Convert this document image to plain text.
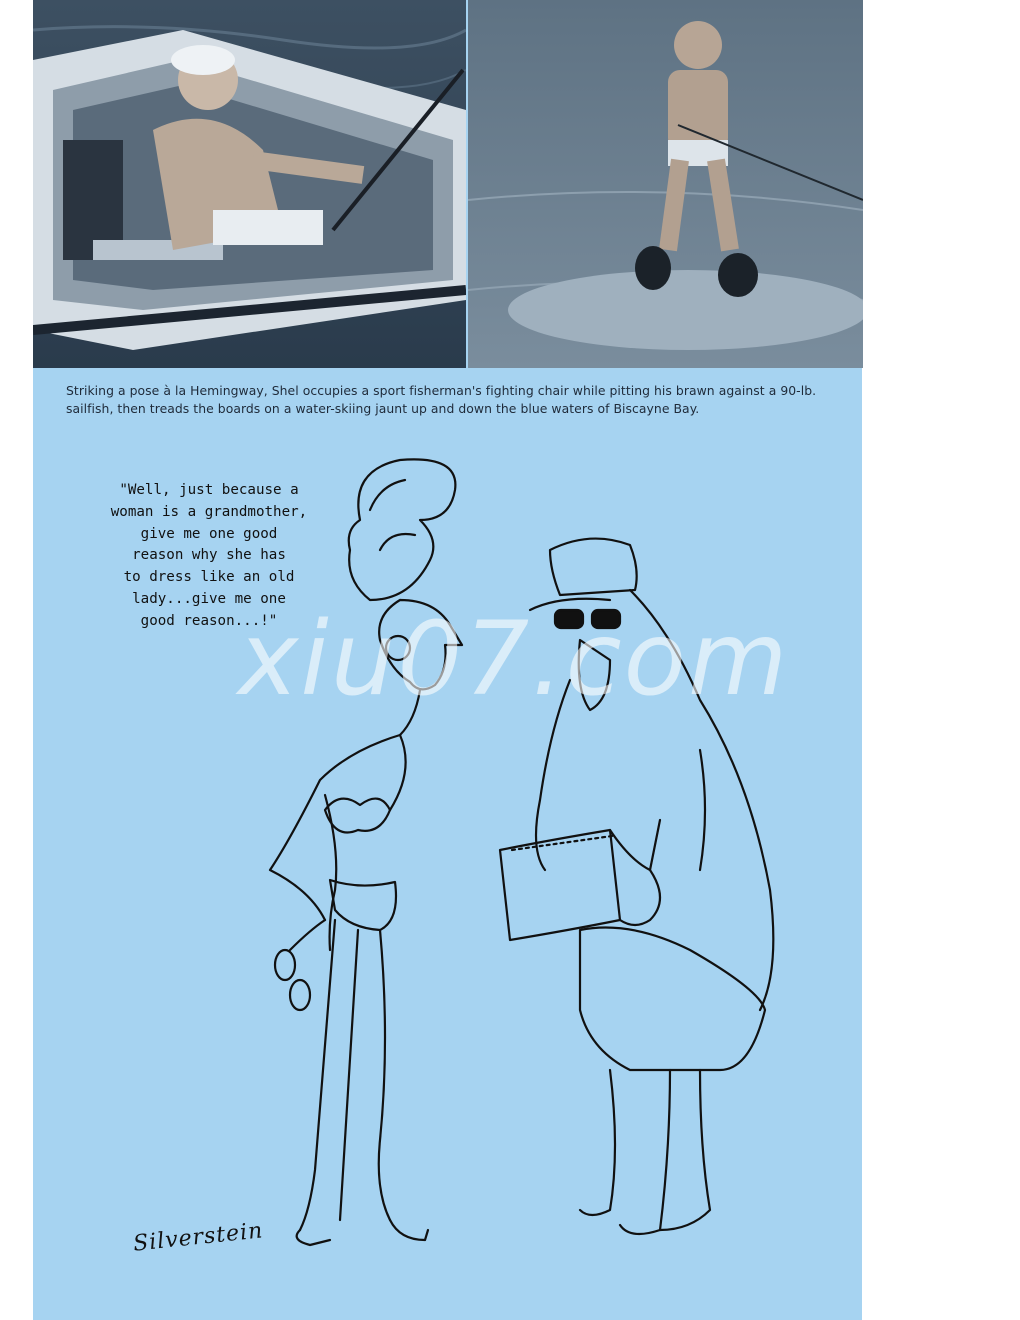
Striking a pose à la Hemingway, Shel occupies a sport fisherman's fighting chair while pitting his brawn against a 90-lb. sailfish, then treads the boards on a water-skiing jaunt up and down the blue waters of Biscayne Bay.
"Well, just because a
woman is a grandmother,
give me one good
reason why she has
to dress like an old
lady...give me one
good reason...!"
Silverstein
xiu07.com
